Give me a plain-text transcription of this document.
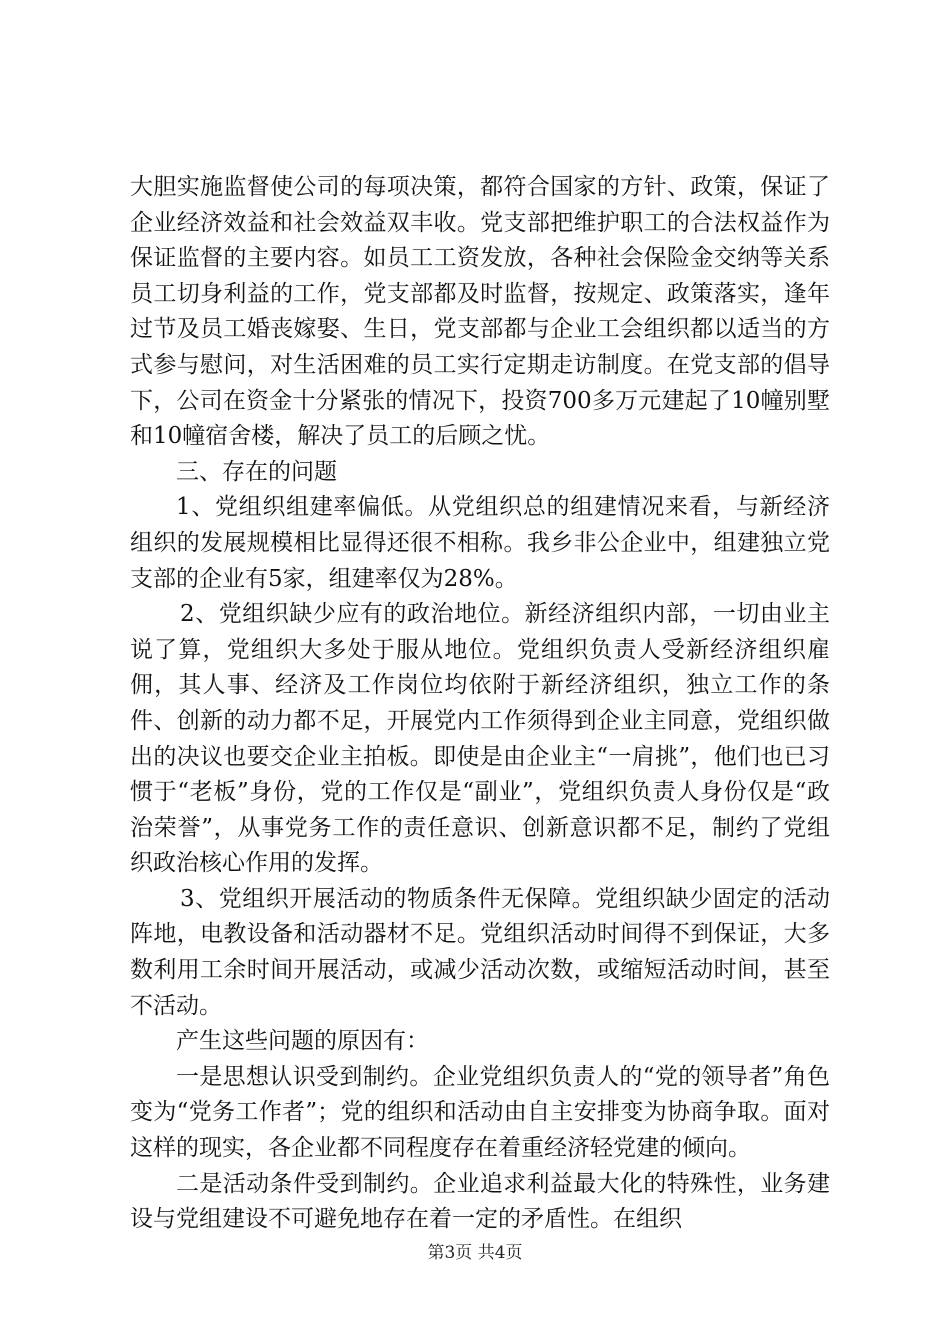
大胆实施监督使公司的每项决策，都符合国家的方针、政策，保证了企业经济效益和社会效益双丰收。党支部把维护职工的合法权益作为保证监督的主要内容。如员工工资发放，各种社会保险金交纳等关系员工切身利益的工作，党支部都及时监督，按规定、政策落实，逢年过节及员工婚丧嫁娶、生日，党支部都与企业工会组织都以适当的方式参与慰问，对生活困难的员工实行定期走访制度。在党支部的倡导下，公司在资金十分紧张的情况下，投资700多万元建起了10幢别墅和10幢宿舍楼，解决了员工的后顾之忧。

三、存在的问题

1、党组织组建率偏低。从党组织总的组建情况来看，与新经济组织的发展规模相比显得还很不相称。我乡非公企业中，组建独立党支部的企业有5家，组建率仅为28%。

2、党组织缺少应有的政治地位。新经济组织内部，一切由业主说了算，党组织大多处于服从地位。党组织负责人受新经济组织雇佣，其人事、经济及工作岗位均依附于新经济组织，独立工作的条件、创新的动力都不足，开展党内工作须得到企业主同意，党组织做出的决议也要交企业主拍板。即使是由企业主“一肩挑”，他们也已习惯于“老板”身份，党的工作仅是“副业”，党组织负责人身份仅是“政治荣誉”，从事党务工作的责任意识、创新意识都不足，制约了党组织政治核心作用的发挥。

3、党组织开展活动的物质条件无保障。党组织缺少固定的活动阵地，电教设备和活动器材不足。党组织活动时间得不到保证，大多数利用工余时间开展活动，或减少活动次数，或缩短活动时间，甚至不活动。

产生这些问题的原因有：

一是思想认识受到制约。企业党组织负责人的“党的领导者”角色变为“党务工作者”；党的组织和活动由自主安排变为协商争取。面对这样的现实，各企业都不同程度存在着重经济轻党建的倾向。

二是活动条件受到制约。企业追求利益最大化的特殊性，业务建设与党组建设不可避免地存在着一定的矛盾性。在组织

第3页 共4页
